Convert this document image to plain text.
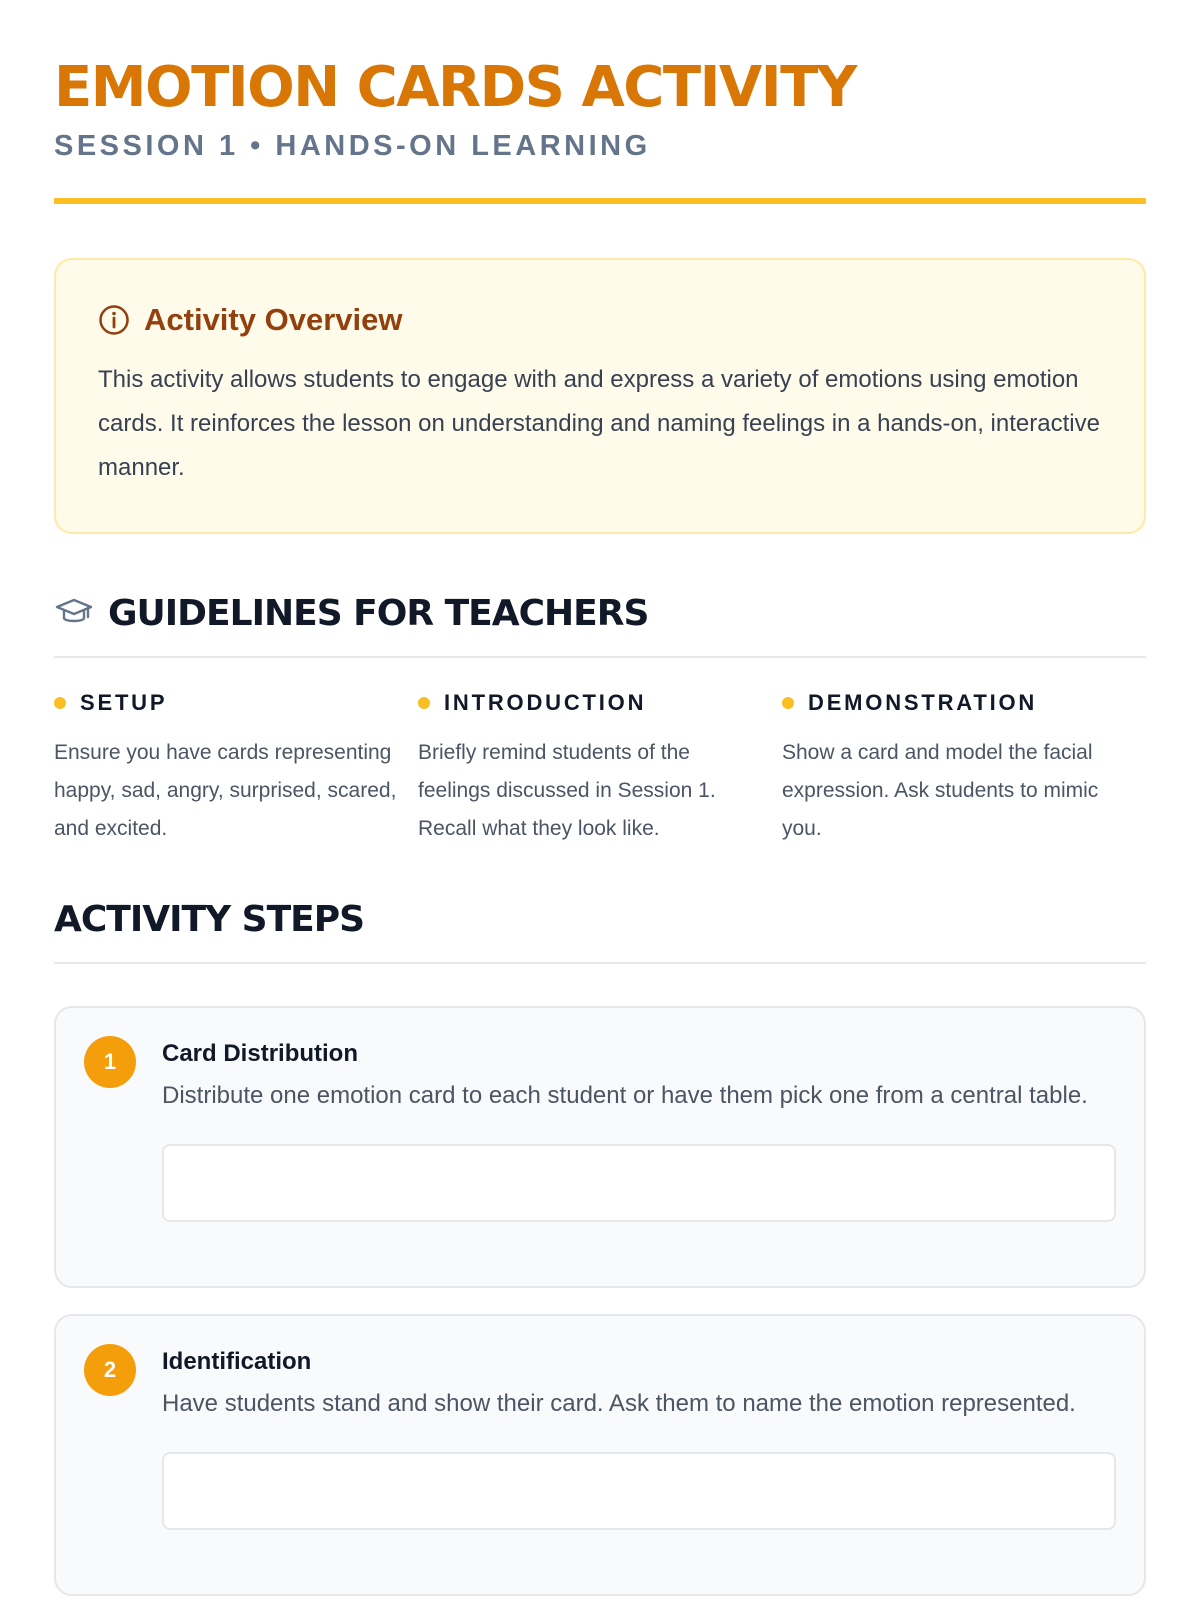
EMOTION CARDS ACTIVITY
SESSION 1 • HANDS-ON LEARNING
Activity Overview
This activity allows students to engage with and express a variety of emotions using emotion cards. It reinforces the lesson on understanding and naming feelings in a hands-on, interactive manner.
GUIDELINES FOR TEACHERS
SETUP
Ensure you have cards representing happy, sad, angry, surprised, scared, and excited.
INTRODUCTION
Briefly remind students of the feelings discussed in Session 1. Recall what they look like.
DEMONSTRATION
Show a card and model the facial expression. Ask students to mimic you.
ACTIVITY STEPS
1	Card Distribution
Distribute one emotion card to each student or have them pick one from a central table.
2	Identification
Have students stand and show their card. Ask them to name the emotion represented.
